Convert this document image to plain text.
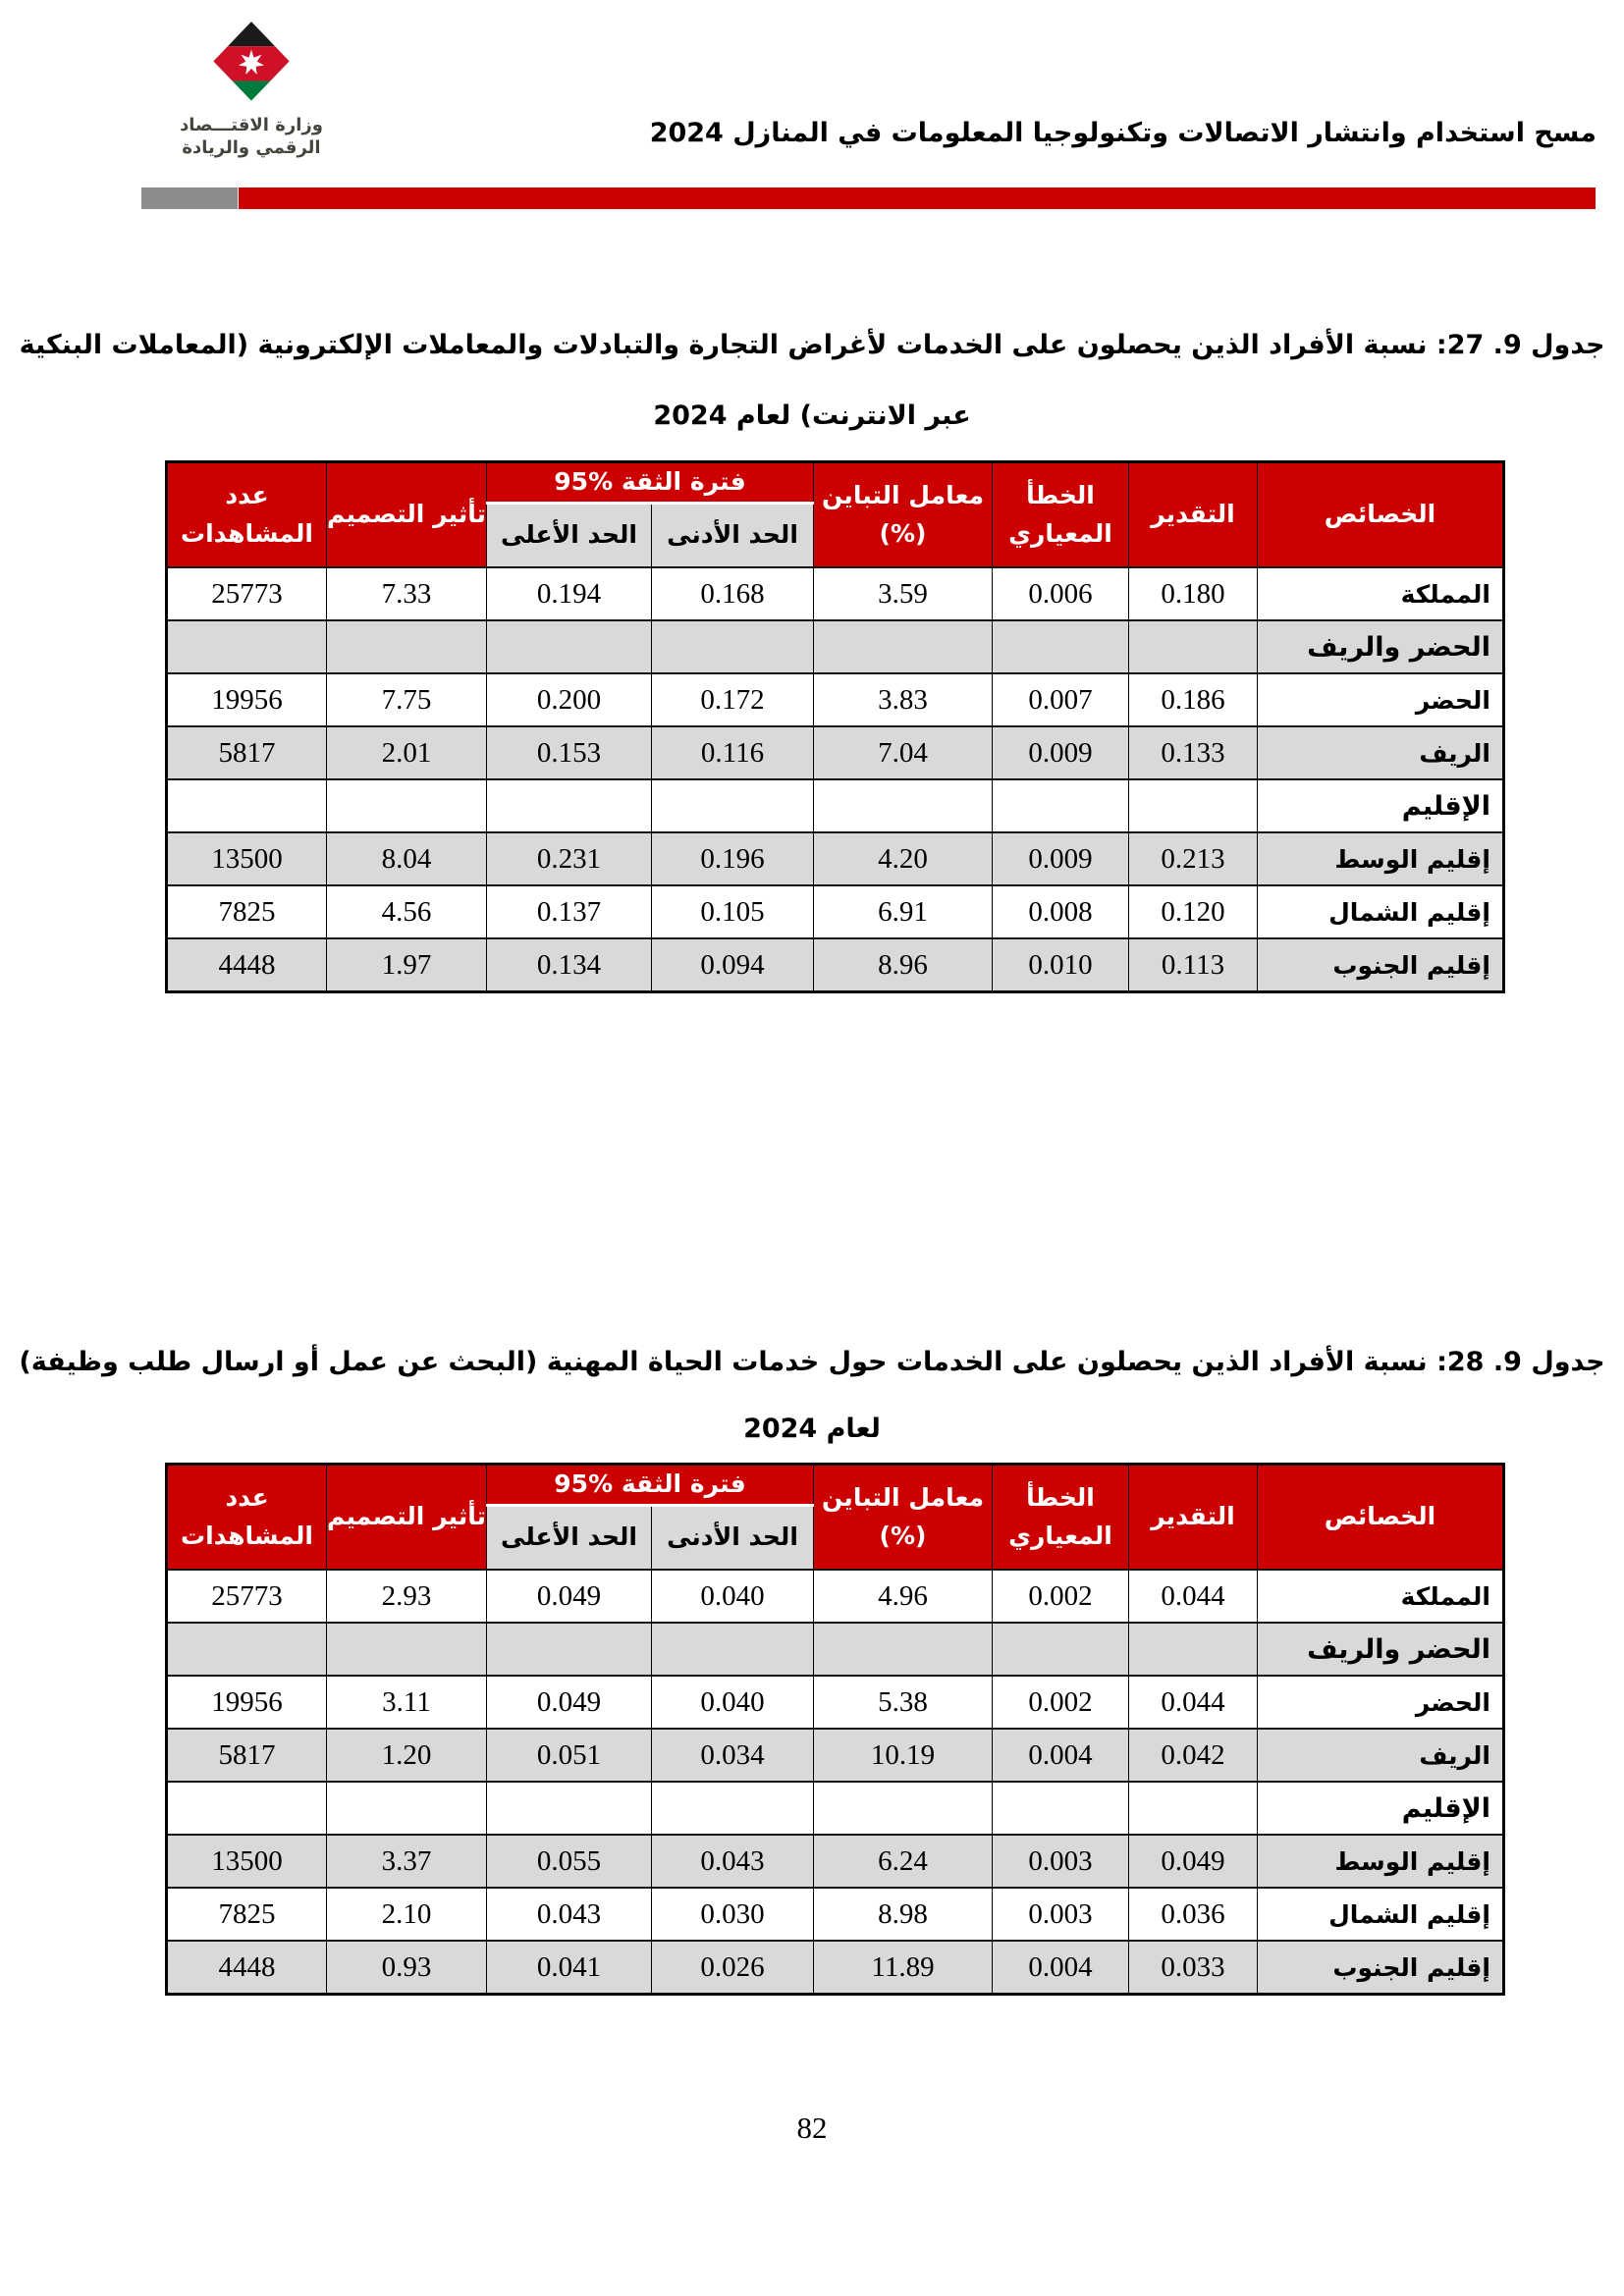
وزارة الاقتـــصاد
الرقمي والريادة	مسح استخدام وانتشار الاتصالات وتكنولوجيا المعلومات في المنازل 2024
جدول 9. 27: نسبة الأفراد الذين يحصلون على الخدمات لأغراض التجارة والتبادلات والمعاملات الإلكترونية (المعاملات البنكية
عبر الانترنت) لعام 2024
الخصائص	التقدير	الخطأ المعياري	معامل التباين
(%)	فترة الثقة %95		تأثير التصميم	عدد المشاهدات
				الحد الأدنى	الحد الأعلى		
المملكة	0.180	0.006	3.59	0.168	0.194	7.33	25773
الحضر والريف							
الحضر	0.186	0.007	3.83	0.172	0.200	7.75	19956
الريف	0.133	0.009	7.04	0.116	0.153	2.01	5817
الإقليم							
إقليم الوسط	0.213	0.009	4.20	0.196	0.231	8.04	13500
إقليم الشمال	0.120	0.008	6.91	0.105	0.137	4.56	7825
إقليم الجنوب	0.113	0.010	8.96	0.094	0.134	1.97	4448
جدول 9. 28: نسبة الأفراد الذين يحصلون على الخدمات حول خدمات الحياة المهنية (البحث عن عمل أو ارسال طلب وظيفة)
لعام 2024
الخصائص	التقدير	الخطأ المعياري	معامل التباين
(%)	فترة الثقة %95		تأثير التصميم	عدد المشاهدات
				الحد الأدنى	الحد الأعلى		
المملكة	0.044	0.002	4.96	0.040	0.049	2.93	25773
الحضر والريف							
الحضر	0.044	0.002	5.38	0.040	0.049	3.11	19956
الريف	0.042	0.004	10.19	0.034	0.051	1.20	5817
الإقليم							
إقليم الوسط	0.049	0.003	6.24	0.043	0.055	3.37	13500
إقليم الشمال	0.036	0.003	8.98	0.030	0.043	2.10	7825
إقليم الجنوب	0.033	0.004	11.89	0.026	0.041	0.93	4448
82
